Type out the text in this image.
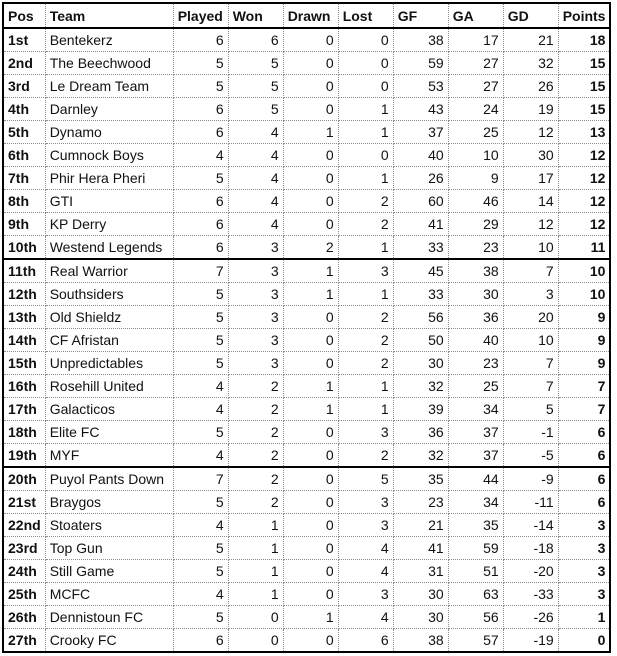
Pos	Team	Played	Won	Drawn	Lost	GF	GA	GD	Points
1st	Bentekerz	6	6	0	0	38	17	21	18
2nd	The Beechwood	5	5	0	0	59	27	32	15
3rd	Le Dream Team	5	5	0	0	53	27	26	15
4th	Darnley	6	5	0	1	43	24	19	15
5th	Dynamo	6	4	1	1	37	25	12	13
6th	Cumnock Boys	4	4	0	0	40	10	30	12
7th	Phir Hera Pheri	5	4	0	1	26	9	17	12
8th	GTI	6	4	0	2	60	46	14	12
9th	KP Derry	6	4	0	2	41	29	12	12
10th	Westend Legends	6	3	2	1	33	23	10	11
11th	Real Warrior	7	3	1	3	45	38	7	10
12th	Southsiders	5	3	1	1	33	30	3	10
13th	Old Shieldz	5	3	0	2	56	36	20	9
14th	CF Afristan	5	3	0	2	50	40	10	9
15th	Unpredictables	5	3	0	2	30	23	7	9
16th	Rosehill United	4	2	1	1	32	25	7	7
17th	Galacticos	4	2	1	1	39	34	5	7
18th	Elite FC	5	2	0	3	36	37	-1	6
19th	MYF	4	2	0	2	32	37	-5	6
20th	Puyol Pants Down	7	2	0	5	35	44	-9	6
21st	Braygos	5	2	0	3	23	34	-11	6
22nd	Stoaters	4	1	0	3	21	35	-14	3
23rd	Top Gun	5	1	0	4	41	59	-18	3
24th	Still Game	5	1	0	4	31	51	-20	3
25th	MCFC	4	1	0	3	30	63	-33	3
26th	Dennistoun FC	5	0	1	4	30	56	-26	1
27th	Crooky FC	6	0	0	6	38	57	-19	0
